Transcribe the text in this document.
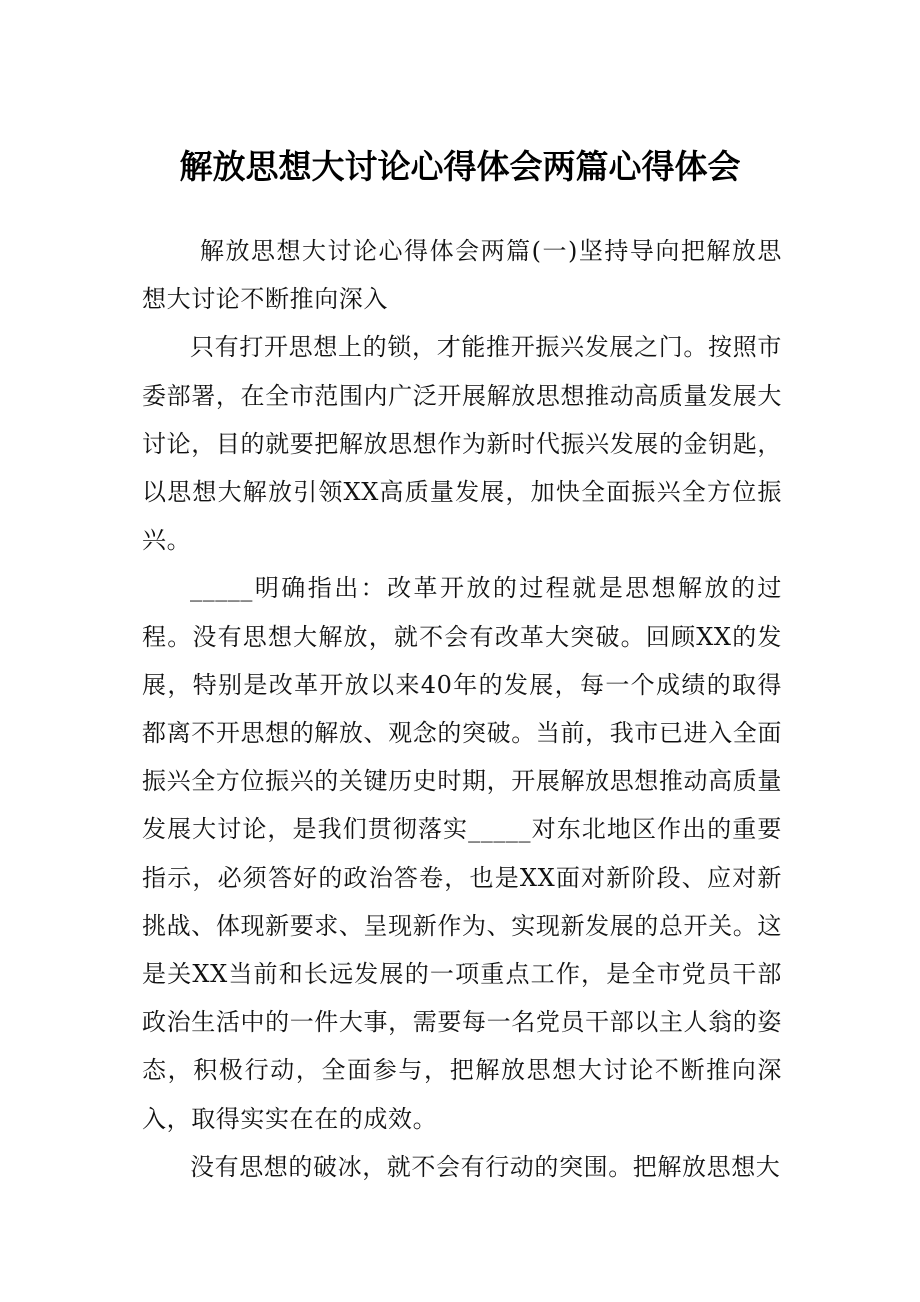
解放思想大讨论心得体会两篇心得体会

解放思想大讨论心得体会两篇(一)坚持导向把解放思想大讨论不断推向深入

只有打开思想上的锁，才能推开振兴发展之门。按照市委部署，在全市范围内广泛开展解放思想推动高质量发展大讨论，目的就要把解放思想作为新时代振兴发展的金钥匙，以思想大解放引领XX高质量发展，加快全面振兴全方位振兴。

_____明确指出：改革开放的过程就是思想解放的过程。没有思想大解放，就不会有改革大突破。回顾XX的发展，特别是改革开放以来40年的发展，每一个成绩的取得都离不开思想的解放、观念的突破。当前，我市已进入全面振兴全方位振兴的关键历史时期，开展解放思想推动高质量发展大讨论，是我们贯彻落实_____对东北地区作出的重要指示，必须答好的政治答卷，也是XX面对新阶段、应对新挑战、体现新要求、呈现新作为、实现新发展的总开关。这是关XX当前和长远发展的一项重点工作，是全市党员干部政治生活中的一件大事，需要每一名党员干部以主人翁的姿态，积极行动，全面参与，把解放思想大讨论不断推向深入，取得实实在在的成效。

没有思想的破冰，就不会有行动的突围。把解放思想大
